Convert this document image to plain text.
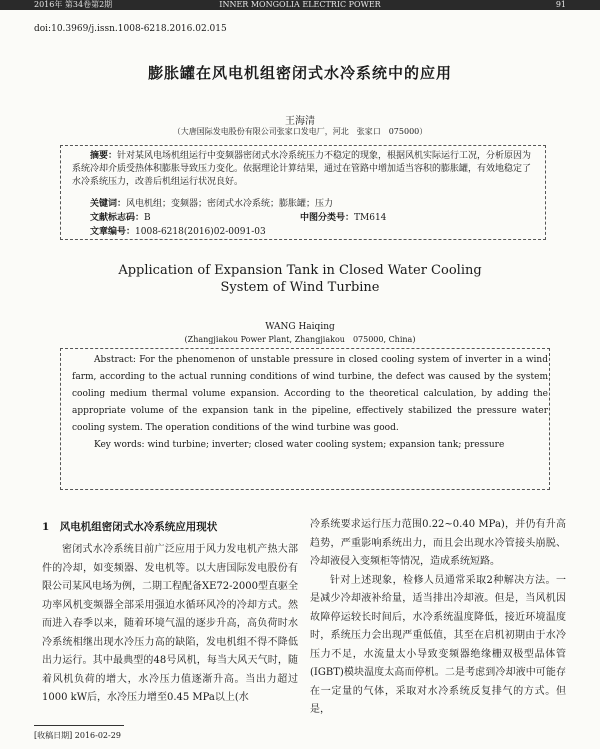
2016年 第34卷第2期	INNER MONGOLIA ELECTRIC POWER	91
doi:10.3969/j.issn.1008-6218.2016.02.015
膨胀罐在风电机组密闭式水冷系统中的应用
王海清
（大唐国际发电股份有限公司张家口发电厂，河北　张家口　075000）
摘要：针对某风电场机组运行中变频器密闭式水冷系统压力不稳定的现象，根据风机实际运行工况，分析原因为系统冷却介质受热体积膨胀导致压力变化。依据理论计算结果，通过在管路中增加适当容积的膨胀罐，有效地稳定了水冷系统压力，改善后机组运行状况良好。
关键词：风电机组；变频器；密闭式水冷系统；膨胀罐；压力
文献标志码：B	中图分类号：TM614
文章编号：1008-6218(2016)02-0091-03
Application of Expansion Tank in Closed Water Cooling
System of Wind Turbine
WANG Haiqing
(Zhangjiakou Power Plant, Zhangjiakou　075000, China)
Abstract: For the phenomenon of unstable pressure in closed cooling system of inverter in a wind farm, according to the actual running conditions of wind turbine, the defect was caused by the system cooling medium thermal volume expansion. According to the theoretical calculation, by adding the appropriate volume of the expansion tank in the pipeline, effectively stabilized the pressure water cooling system. The operation conditions of the wind turbine was good.
Key words: wind turbine; inverter; closed water cooling system; expansion tank; pressure
1　风电机组密闭式水冷系统应用现状
密闭式水冷系统目前广泛应用于风力发电机产热大部件的冷却，如变频器、发电机等。以大唐国际发电股份有限公司某风电场为例，二期工程配备XE72-2000型直驱全功率风机变频器全部采用强迫水循环风冷的冷却方式。然而进入春季以来，随着环境气温的逐步升高，高负荷时水冷系统相继出现水冷压力高的缺陷，发电机组不得不降低出力运行。其中最典型的48号风机，每当大风天气时，随着风机负荷的增大，水冷压力值逐渐升高。当出力超过1000 kW后，水冷压力增至0.45 MPa以上(水
冷系统要求运行压力范围0.22~0.40 MPa)，并仍有升高趋势，严重影响系统出力，而且会出现水冷管接头崩脱、冷却液侵入变频柜等情况，造成系统短路。
针对上述现象，检修人员通常采取2种解决方法。一是减少冷却液补给量，适当排出冷却液。但是，当风机因故障停运较长时间后，水冷系统温度降低，接近环境温度时，系统压力会出现严重低值，其至在启机初期由于水冷压力不足，水流量太小导致变频器绝缘栅双极型晶体管(IGBT)模块温度太高而停机。二是考虑到冷却液中可能存在一定量的气体，采取对水冷系统反复排气的方式。但是，
[收稿日期] 2016-02-29
